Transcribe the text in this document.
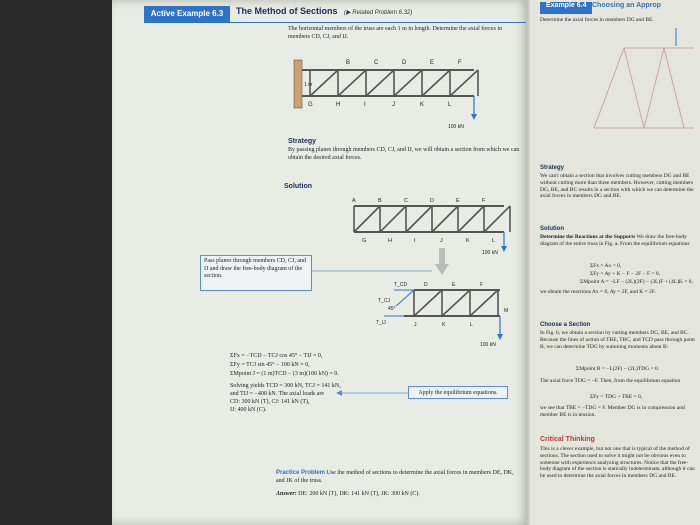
Active Example 6.3	The Method of Sections (▶ Related Problem 6.32)
The horizontal members of the truss are each 1 m in length. Determine the axial forces in members CD, CJ, and IJ.
B	C	D	E	F
G	H	I	J	K	L
1 m
100 kN
Strategy
By passing planes through members CD, CJ, and IJ, we will obtain a section from which we can obtain the desired axial forces.
Solution
A	B	C	D	E	F
G	H	I	J	K	L
100 kN
Pass planes through members CD, CJ, and IJ and draw the free-body diagram of the section.
T_CD	D	E	F
T_CJ
45°
T_IJ	J	K	L
M
100 kN
ΣFx = −TCD − TCJ cos 45° − TIJ = 0,
ΣFy = TCJ sin 45° − 100 kN = 0,
ΣMpoint J = (1 m)TCD − (3 m)(100 kN) = 0.
Apply the equilibrium equations.
Solving yields TCD = 300 kN, TCJ = 141 kN,
and TIJ = −400 kN. The axial loads are
CD: 300 kN (T), CJ: 141 kN (T),
IJ: 400 kN (C).
Practice Problem Use the method of sections to determine the axial forces in members DE, DK, and JK of the truss.
Answer: DE: 200 kN (T), DK: 141 kN (T), JK: 300 kN (C).
Example 6.4 Choosing an Approp
Determine the axial forces in members DG and BE.
Strategy
We can't obtain a section that involves cutting members DG and BE without cutting more than three members. However, cutting members DG, BE, and BC results in a section with which we can determine the axial forces in members DG and BE.
Solution
Determine the Reactions at the Supports We draw the free-body diagram of the entire truss in Fig. a. From the equilibrium equations
ΣFx = Ax = 0,
ΣFy = Ay + K − F − 2F − F = 0,
ΣMpoint A = −LF − (2L)(2F) − (3L)F + (4L)K = 0,
we obtain the reactions Ax = 0, Ay = 2F, and K = 2F.
Choose a Section
In Fig. b, we obtain a section by cutting members DG, BE, and BC. Because the lines of action of TBE, TBC, and TCD pass through point B, we can determine TDG by summing moments about B:
ΣMpoint B = −L(2F) − (2L)TDG = 0.
The axial force TDG = −F. Then, from the equilibrium equation
ΣFy = TDG + TBE = 0,
we see that TBE = −TDG = F. Member DG is in compression and member BE is in tension.
Critical Thinking
This is a clever example, but not one that is typical of the method of sections. The section used to solve it might not be obvious even to someone with experience analyzing structures. Notice that the free-body diagram of the section is statically indeterminate, although it can be used to determine the axial forces in members DG and BE.
